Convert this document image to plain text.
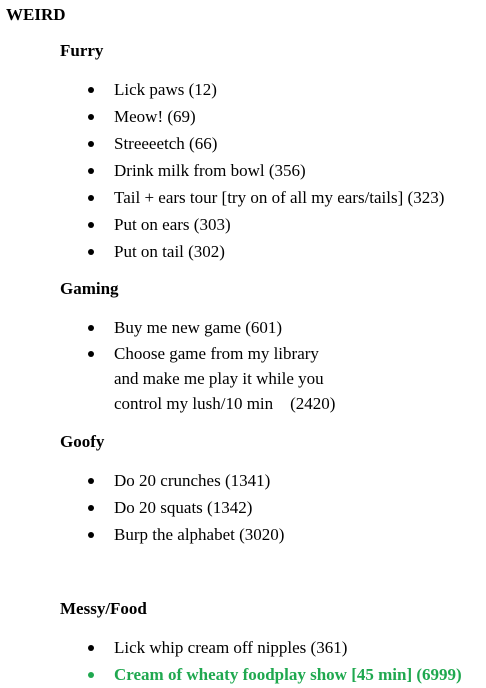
WEIRD
Furry
Lick paws (12)
Meow! (69)
Streeeetch (66)
Drink milk from bowl (356)
Tail + ears tour [try on of all my ears/tails] (323)
Put on ears (303)
Put on tail (302)
Gaming
Buy me new game (601)
Choose game from my library
and make me play it while you
control my lush/10 min    (2420)
Goofy
Do 20 crunches (1341)
Do 20 squats (1342)
Burp the alphabet (3020)
Messy/Food
Lick whip cream off nipples (361)
Cream of wheaty foodplay show [45 min] (6999)
